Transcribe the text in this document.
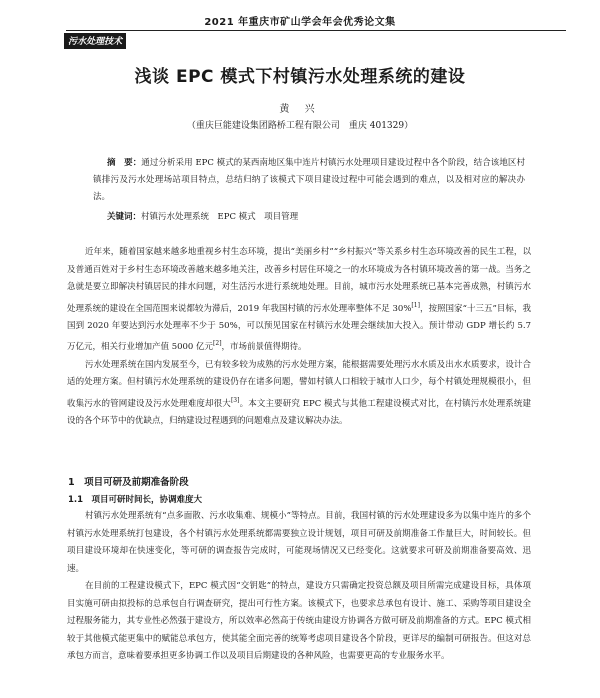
2021 年重庆市矿山学会年会优秀论文集
污水处理技术
浅谈 EPC 模式下村镇污水处理系统的建设
黄 兴
（重庆巨能建设集团路桥工程有限公司　重庆 401329）
摘　要：通过分析采用 EPC 模式的某西南地区集中连片村镇污水处理项目建设过程中各个阶段，结合该地区村镇排污及污水处理场站项目特点，总结归纳了该模式下项目建设过程中可能会遇到的难点，以及相对应的解决办法。
关键词：村镇污水处理系统　EPC 模式　项目管理

近年来，随着国家越来越多地重视乡村生态环境，提出“美丽乡村”“乡村振兴”等关系乡村生态环境改善的民生工程，以及普通百姓对于乡村生态环境改善越来越多地关注，改善乡村居住环境之一的水环境成为各村镇环境改善的第一战。当务之急就是要立即解决村镇居民的排水问题，对生活污水进行系统地处理。目前，城市污水处理系统已基本完善成熟，村镇污水处理系统的建设在全国范围来说都较为滞后，2019 年我国村镇的污水处理率整体不足 30%[1]，按照国家“十三五”目标，我国到 2020 年要达到污水处理率不少于 50%，可以预见国家在村镇污水处理会继续加大投入。预计带动 GDP 增长约 5.7 万亿元，相关行业增加产值 5000 亿元[2]，市场前景值得期待。

污水处理系统在国内发展至今，已有较多较为成熟的污水处理方案，能根据需要处理污水水质及出水水质要求，设计合适的处理方案。但村镇污水处理系统的建设仍存在诸多问题，譬如村镇人口相较于城市人口少，每个村镇处理规模很小，但收集污水的管网建设及污水处理难度却很大[3]。本文主要研究 EPC 模式与其他工程建设模式对比，在村镇污水处理系统建设的各个环节中的优缺点，归纳建设过程遇到的问题难点及建议解决办法。

1　项目可研及前期准备阶段
1.1　项目可研时间长，协调难度大

村镇污水处理系统有“点多面散、污水收集难、规模小”等特点。目前，我国村镇的污水处理建设多为以集中连片的多个村镇污水处理系统打包建设，各个村镇污水处理系统都需要独立设计规划，项目可研及前期准备工作量巨大，时间较长。但项目建设环境却在快速变化，等可研的调查报告完成时，可能现场情况又已经变化。这就要求可研及前期准备要高效、迅速。

在目前的工程建设模式下，EPC 模式因“交钥匙”的特点，建设方只需确定投资总额及项目所需完成建设目标，具体项目实施可研由拟投标的总承包自行调查研究，提出可行性方案。该模式下，也要求总承包有设计、施工、采购等项目建设全过程服务能力，其专业性必然强于建设方，所以效率必然高于传统由建设方协调各方做可研及前期准备的方式。EPC 模式相较于其他模式能更集中的赋能总承包方，使其能全面完善的统筹考虑项目建设各个阶段，更详尽的编制可研报告。但这对总承包方而言，意味着要承担更多协调工作以及项目后期建设的各种风险，也需要更高的专业服务水平。
